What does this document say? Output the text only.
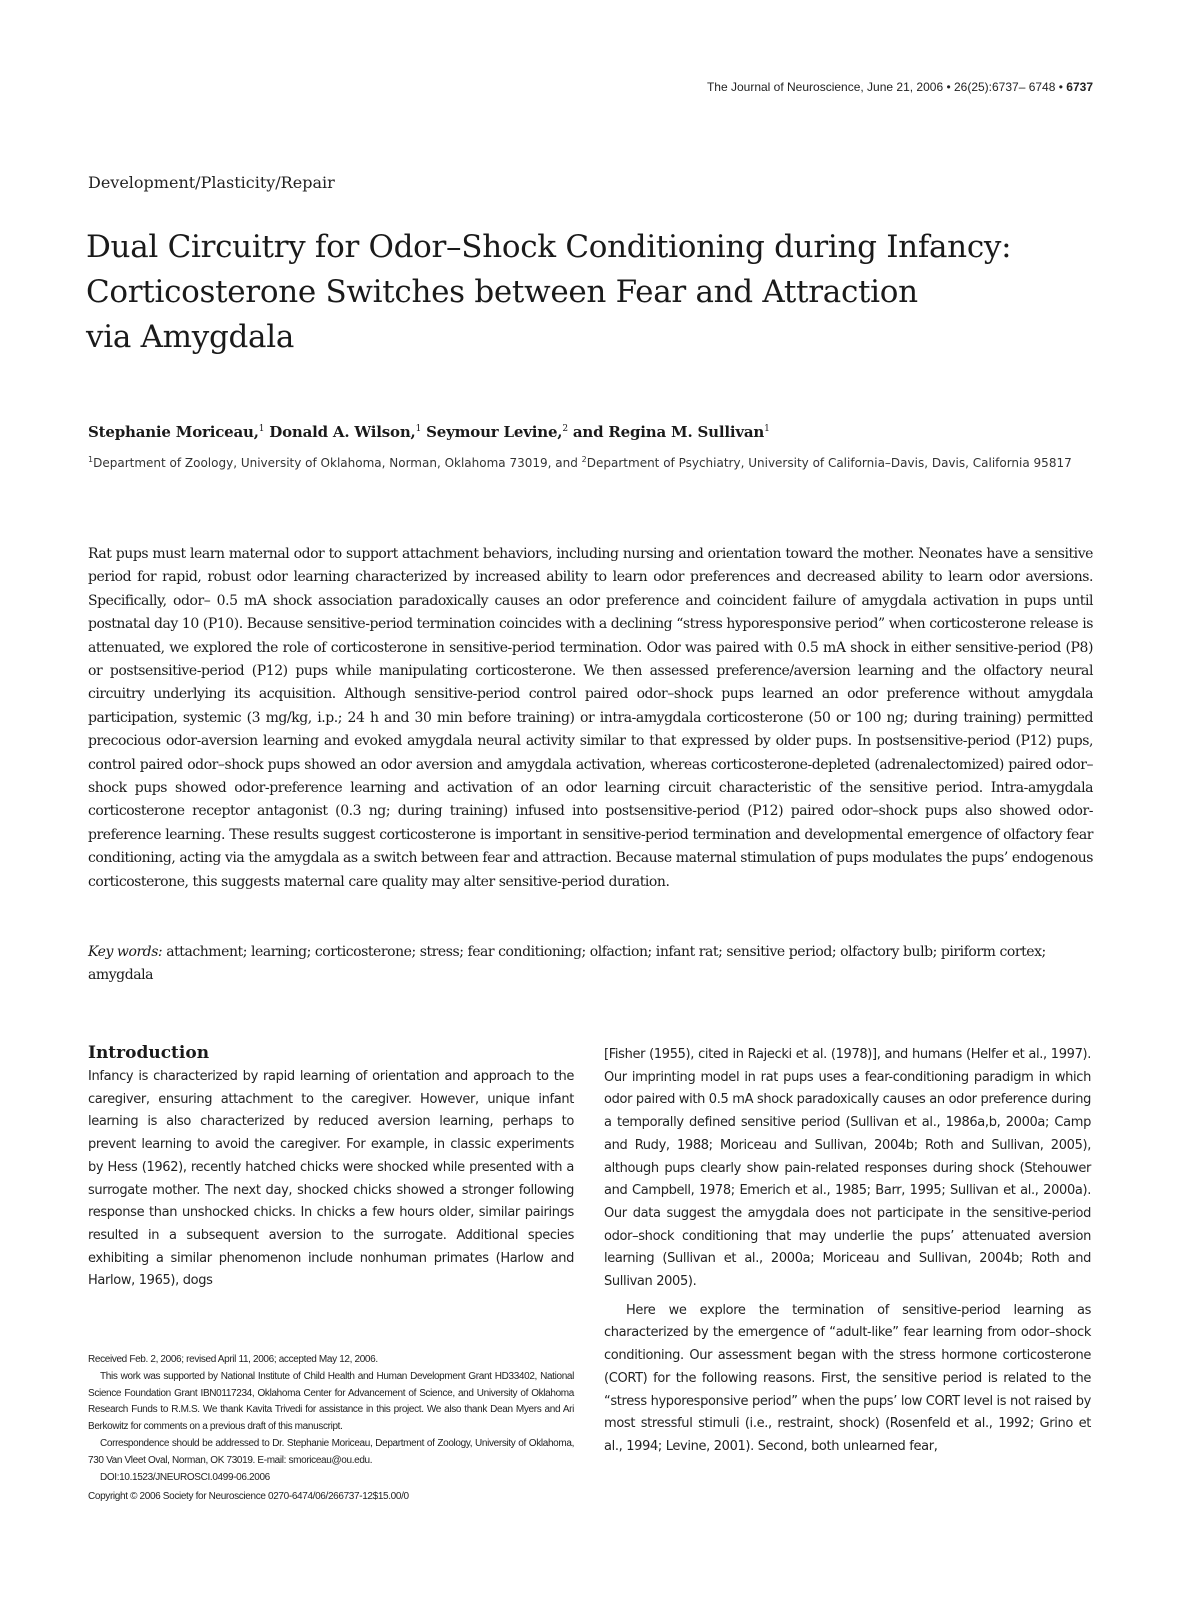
The Journal of Neuroscience, June 21, 2006 • 26(25):6737– 6748 • 6737
Development/Plasticity/Repair
Dual Circuitry for Odor–Shock Conditioning during Infancy:
Corticosterone Switches between Fear and Attraction
via Amygdala
Stephanie Moriceau,$^1$ Donald A. Wilson,$^1$ Seymour Levine,$^2$ and Regina M. Sullivan$^1$
$^1$Department of Zoology, University of Oklahoma, Norman, Oklahoma 73019, and $^2$Department of Psychiatry, University of California–Davis, Davis, California 95817

Rat pups must learn maternal odor to support attachment behaviors, including nursing and orientation toward the mother. Neonates have a sensitive period for rapid, robust odor learning characterized by increased ability to learn odor preferences and decreased ability to learn odor aversions. Specifically, odor– 0.5 mA shock association paradoxically causes an odor preference and coincident failure of amygdala activation in pups until postnatal day 10 (P10). Because sensitive-period termination coincides with a declining “stress hyporesponsive period” when corticosterone release is attenuated, we explored the role of corticosterone in sensitive-period termination. Odor was paired with 0.5 mA shock in either sensitive-period (P8) or postsensitive-period (P12) pups while manipulating corticosterone. We then assessed preference/aversion learning and the olfactory neural circuitry underlying its acquisition. Although sensitive-period control paired odor–shock pups learned an odor preference without amygdala participation, systemic (3 mg/kg, i.p.; 24 h and 30 min before training) or intra-amygdala corticosterone (50 or 100 ng; during training) permitted precocious odor-aversion learning and evoked amygdala neural activity similar to that expressed by older pups. In postsensitive-period (P12) pups, control paired odor–shock pups showed an odor aversion and amygdala activation, whereas corticosterone-depleted (adrenalectomized) paired odor–shock pups showed odor-preference learning and activation of an odor learning circuit characteristic of the sensitive period. Intra-amygdala corticosterone receptor antagonist (0.3 ng; during training) infused into postsensitive-period (P12) paired odor–shock pups also showed odor-preference learning. These results suggest corticosterone is important in sensitive-period termination and developmental emergence of olfactory fear conditioning, acting via the amygdala as a switch between fear and attraction. Because maternal stimulation of pups modulates the pups’ endogenous corticosterone, this suggests maternal care quality may alter sensitive-period duration.

Key words: attachment; learning; corticosterone; stress; fear conditioning; olfaction; infant rat; sensitive period; olfactory bulb; piriform cortex; amygdala

Introduction

Infancy is characterized by rapid learning of orientation and approach to the caregiver, ensuring attachment to the caregiver. However, unique infant learning is also characterized by reduced aversion learning, perhaps to prevent learning to avoid the caregiver. For example, in classic experiments by Hess (1962), recently hatched chicks were shocked while presented with a surrogate mother. The next day, shocked chicks showed a stronger following response than unshocked chicks. In chicks a few hours older, similar pairings resulted in a subsequent aversion to the surrogate. Additional species exhibiting a similar phenomenon include nonhuman primates (Harlow and Harlow, 1965), dogs

[Fisher (1955), cited in Rajecki et al. (1978)], and humans (Helfer et al., 1997). Our imprinting model in rat pups uses a fear-conditioning paradigm in which odor paired with 0.5 mA shock paradoxically causes an odor preference during a temporally defined sensitive period (Sullivan et al., 1986a,b, 2000a; Camp and Rudy, 1988; Moriceau and Sullivan, 2004b; Roth and Sullivan, 2005), although pups clearly show pain-related responses during shock (Stehouwer and Campbell, 1978; Emerich et al., 1985; Barr, 1995; Sullivan et al., 2000a). Our data suggest the amygdala does not participate in the sensitive-period odor–shock conditioning that may underlie the pups’ attenuated aversion learning (Sullivan et al., 2000a; Moriceau and Sullivan, 2004b; Roth and Sullivan 2005).

Here we explore the termination of sensitive-period learning as characterized by the emergence of “adult-like” fear learning from odor–shock conditioning. Our assessment began with the stress hormone corticosterone (CORT) for the following reasons. First, the sensitive period is related to the “stress hyporesponsive period” when the pups’ low CORT level is not raised by most stressful stimuli (i.e., restraint, shock) (Rosenfeld et al., 1992; Grino et al., 1994; Levine, 2001). Second, both unlearned fear,

Received Feb. 2, 2006; revised April 11, 2006; accepted May 12, 2006.

This work was supported by National Institute of Child Health and Human Development Grant HD33402, National Science Foundation Grant IBN0117234, Oklahoma Center for Advancement of Science, and University of Oklahoma Research Funds to R.M.S. We thank Kavita Trivedi for assistance in this project. We also thank Dean Myers and Ari Berkowitz for comments on a previous draft of this manuscript.

Correspondence should be addressed to Dr. Stephanie Moriceau, Department of Zoology, University of Oklahoma, 730 Van Vleet Oval, Norman, OK 73019. E-mail: smoriceau@ou.edu.

DOI:10.1523/JNEUROSCI.0499-06.2006

Copyright © 2006 Society for Neuroscience 0270-6474/06/266737-12$15.00/0
